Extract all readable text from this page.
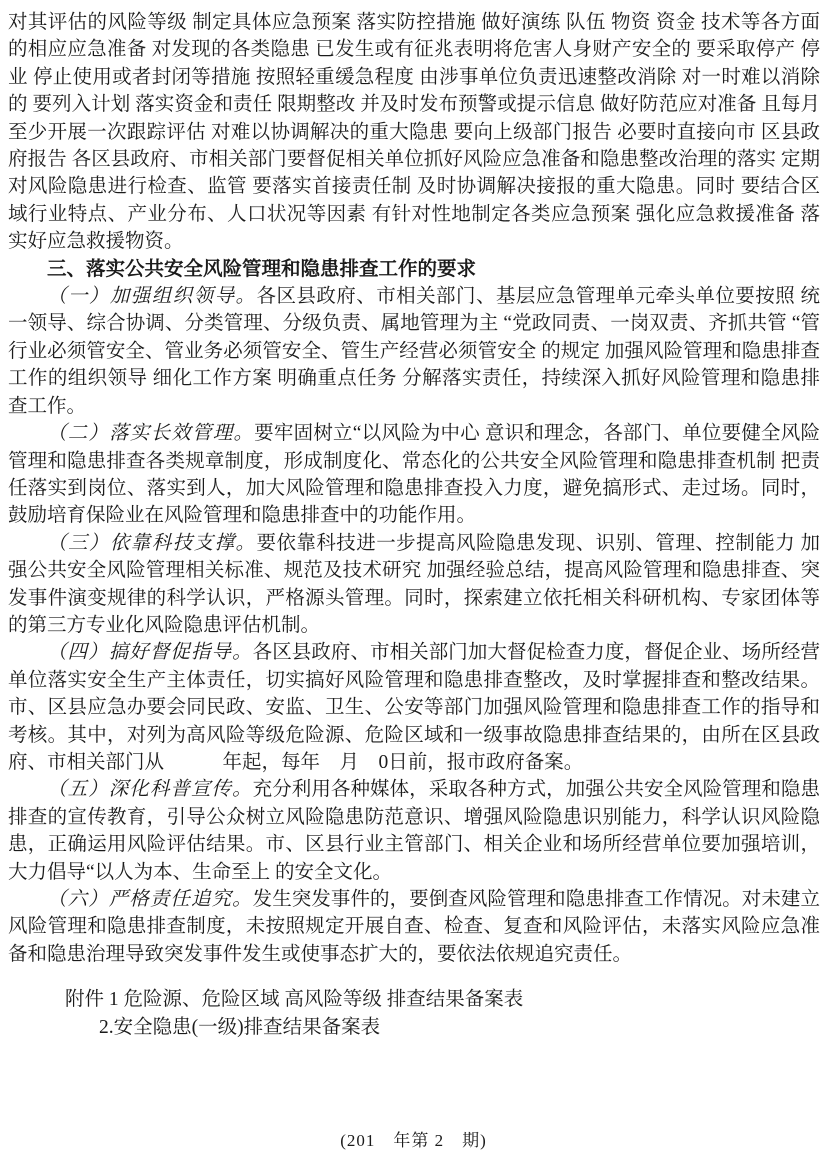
对其评估的风险等级 制定具体应急预案 落实防控措施 做好演练 队伍 物资 资金 技术等各方面的相应应急准备 对发现的各类隐患 已发生或有征兆表明将危害人身财产安全的 要采取停产 停业 停止使用或者封闭等措施 按照轻重缓急程度 由涉事单位负责迅速整改消除 对一时难以消除的 要列入计划 落实资金和责任 限期整改 并及时发布预警或提示信息 做好防范应对准备 且每月至少开展一次跟踪评估 对难以协调解决的重大隐患 要向上级部门报告 必要时直接向市 区县政府报告 各区县政府、市相关部门要督促相关单位抓好风险应急准备和隐患整改治理的落实 定期对风险隐患进行检查、监管 要落实首接责任制 及时协调解决接报的重大隐患。同时 要结合区域行业特点、产业分布、人口状况等因素 有针对性地制定各类应急预案 强化应急救援准备 落实好应急救援物资。

三、落实公共安全风险管理和隐患排查工作的要求

（一）加强组织领导。各区县政府、市相关部门、基层应急管理单元牵头单位要按照 统一领导、综合协调、分类管理、分级负责、属地管理为主 “党政同责、一岗双责、齐抓共管 “管行业必须管安全、管业务必须管安全、管生产经营必须管安全 的规定 加强风险管理和隐患排查工作的组织领导 细化工作方案 明确重点任务 分解落实责任，持续深入抓好风险管理和隐患排查工作。

（二）落实长效管理。要牢固树立“以风险为中心 意识和理念，各部门、单位要健全风险管理和隐患排查各类规章制度，形成制度化、常态化的公共安全风险管理和隐患排查机制 把责任落实到岗位、落实到人，加大风险管理和隐患排查投入力度，避免搞形式、走过场。同时，鼓励培育保险业在风险管理和隐患排查中的功能作用。

（三）依靠科技支撑。要依靠科技进一步提高风险隐患发现、识别、管理、控制能力 加强公共安全风险管理相关标准、规范及技术研究 加强经验总结，提高风险管理和隐患排查、突发事件演变规律的科学认识，严格源头管理。同时，探索建立依托相关科研机构、专家团体等的第三方专业化风险隐患评估机制。

（四）搞好督促指导。各区县政府、市相关部门加大督促检查力度，督促企业、场所经营单位落实安全生产主体责任，切实搞好风险管理和隐患排查整改，及时掌握排查和整改结果。市、区县应急办要会同民政、安监、卫生、公安等部门加强风险管理和隐患排查工作的指导和考核。其中，对列为高风险等级危险源、危险区域和一级事故隐患排查结果的，由所在区县政府、市相关部门从　　　年起，每年　月　0日前，报市政府备案。

（五）深化科普宣传。充分利用各种媒体，采取各种方式，加强公共安全风险管理和隐患排查的宣传教育，引导公众树立风险隐患防范意识、增强风险隐患识别能力，科学认识风险隐患，正确运用风险评估结果。市、区县行业主管部门、相关企业和场所经营单位要加强培训，大力倡导“以人为本、生命至上 的安全文化。

（六）严格责任追究。发生突发事件的，要倒查风险管理和隐患排查工作情况。对未建立风险管理和隐患排查制度，未按照规定开展自查、检查、复查和风险评估，未落实风险应急准备和隐患治理导致突发事件发生或使事态扩大的，要依法依规追究责任。

附件 1 危险源、危险区域 高风险等级 排查结果备案表
2.安全隐患(一级)排查结果备案表
(201　年第 2　期)
